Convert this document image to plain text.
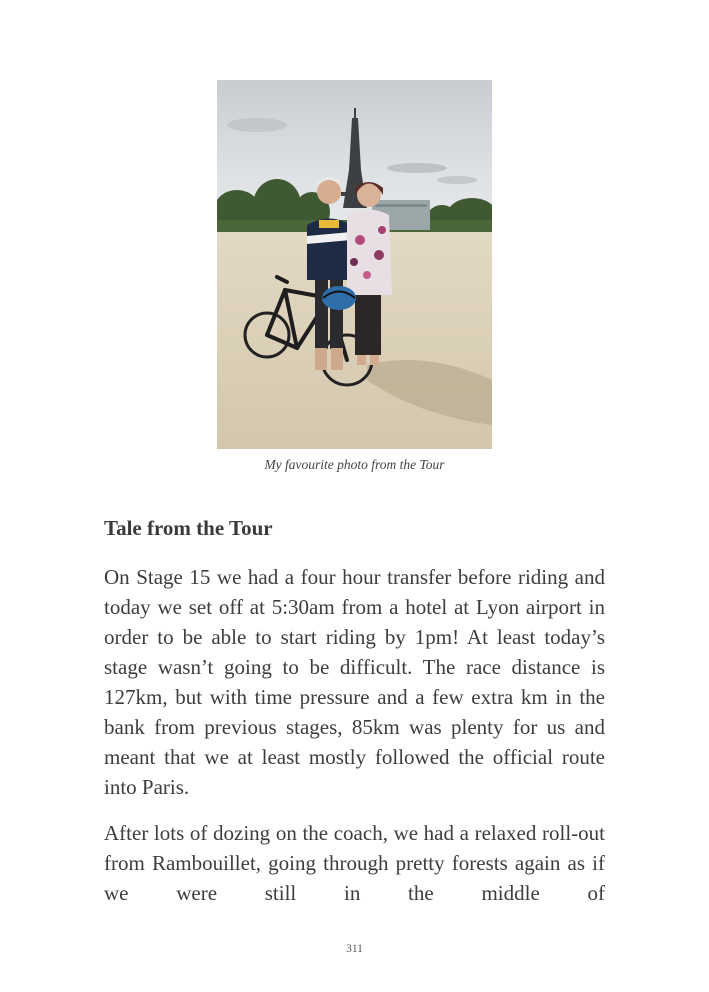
My favourite photo from the Tour
Tale from the Tour

On Stage 15 we had a four hour transfer before riding and today we set off at 5:30am from a hotel at Lyon airport in order to be able to start riding by 1pm! At least today’s stage wasn’t going to be difficult. The race distance is 127km, but with time pressure and a few extra km in the bank from previous stages, 85km was plenty for us and meant that we at least mostly followed the official route into Paris.

After lots of dozing on the coach, we had a relaxed roll-out from Rambouillet, going through pretty forests again as if we were still in the middle of

311
